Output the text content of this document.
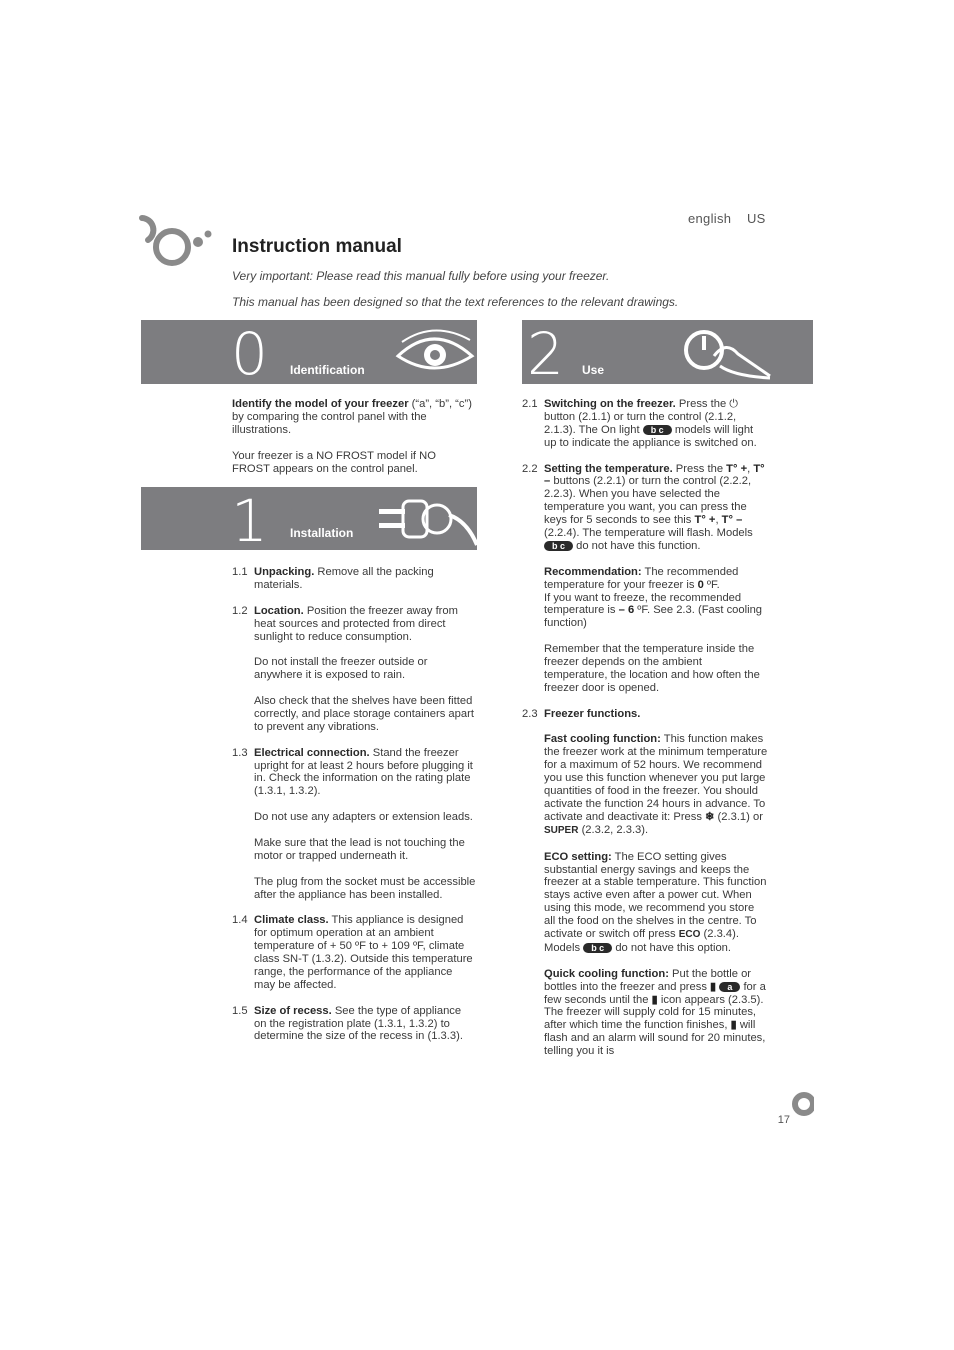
english US
Instruction manual
Very important: Please read this manual fully before using your freezer.
This manual has been designed so that the text references to the relevant drawings.
0 Identification

Identify the model of your freezer (“a”, “b”, “c”) by comparing the control panel with the illustrations.

Your freezer is a NO FROST model if NO FROST appears on the control panel.

1 Installation
1.1 Unpacking. Remove all the packing materials.

1.2 Location. Position the freezer away from heat sources and protected from direct sunlight to reduce consumption.

Do not install the freezer outside or anywhere it is exposed to rain.

Also check that the shelves have been fitted correctly, and place storage containers apart to prevent any vibrations.

1.3 Electrical connection. Stand the freezer upright for at least 2 hours before plugging it in. Check the information on the rating plate (1.3.1, 1.3.2).

Do not use any adapters or extension leads.

Make sure that the lead is not touching the motor or trapped underneath it.

The plug from the socket must be accessible after the appliance has been installed.

1.4 Climate class. This appliance is designed for optimum operation at an ambient temperature of + 50 ºF to + 109 ºF, climate class SN-T (1.3.2). Outside this temperature range, the performance of the appliance may be affected.

1.5 Size of recess. See the type of appliance on the registration plate (1.3.1, 1.3.2) to determine the size of the recess in (1.3.3).

2 Use
2.1 Switching on the freezer. Press the ⏻ button (2.1.1) or turn the control (2.1.2, 2.1.3). The On light b c models will light up to indicate the appliance is switched on.

2.2 Setting the temperature. Press the T° +, T° – buttons (2.2.1) or turn the control (2.2.2, 2.2.3). When you have selected the temperature you want, you can press the keys for 5 seconds to see this T° +, T° – (2.2.4). The temperature will flash. Models b c do not have this function.

Recommendation: The recommended temperature for your freezer is 0 ºF.
If you want to freeze, the recommended temperature is – 6 ºF. See 2.3. (Fast cooling function)

Remember that the temperature inside the freezer depends on the ambient temperature, the location and how often the freezer door is opened.

2.3 Freezer functions.

Fast cooling function: This function makes the freezer work at the minimum temperature for a maximum of 52 hours. We recommend you use this function whenever you put large quantities of food in the freezer. You should activate the function 24 hours in advance. To activate and deactivate it: Press ❄ (2.3.1) or SUPER (2.3.2, 2.3.3).

ECO setting: The ECO setting gives substantial energy savings and keeps the freezer at a stable temperature. This function stays active even after a power cut. When using this mode, we recommend you store all the food on the shelves in the centre. To activate or switch off press ECO (2.3.4). Models b c do not have this option.

Quick cooling function: Put the bottle or bottles into the freezer and press ▮ a for a few seconds until the ▮ icon appears (2.3.5). The freezer will supply cold for 15 minutes, after which time the function finishes, ▮ will flash and an alarm will sound for 20 minutes, telling you it is

17
